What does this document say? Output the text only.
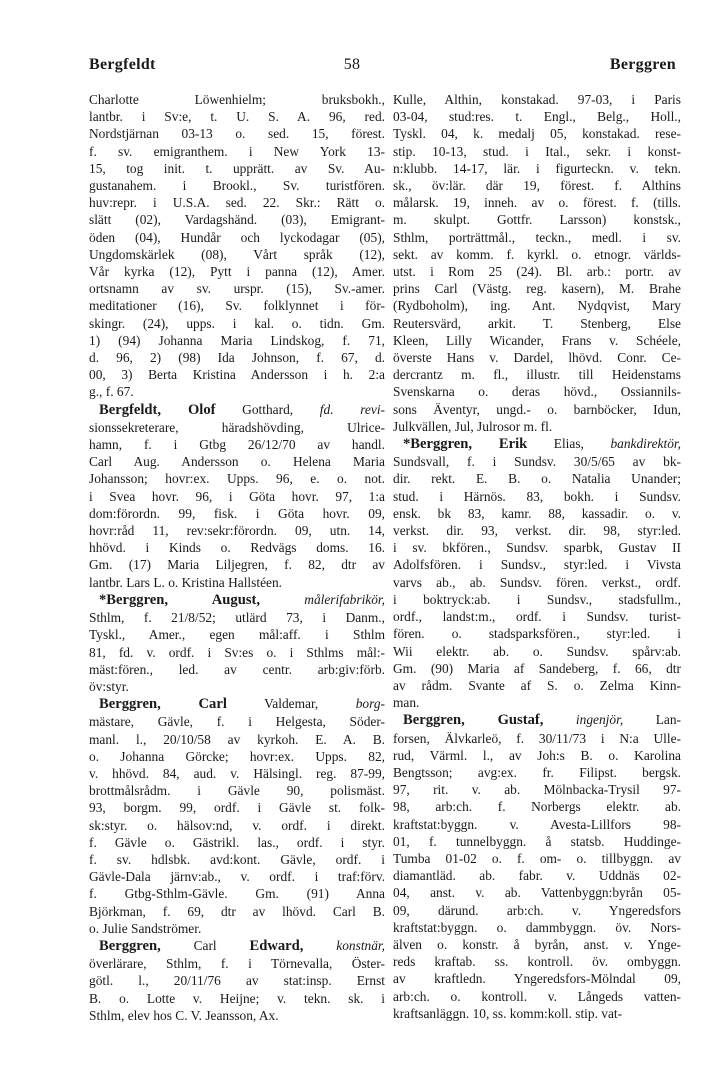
Bergfeldt	58	Berggren
Charlotte Löwenhielm; bruksbokh.,
lantbr. i Sv:e, t. U. S. A. 96, red.
Nordstjärnan 03-13 o. sed. 15, förest.
f. sv. emigranthem. i New York 13-
15, tog init. t. upprätt. av Sv. Au-
gustanahem. i Brookl., Sv. turistfören.
huv:repr. i U.S.A. sed. 22. Skr.: Rätt o.
slätt (02), Vardagshänd. (03), Emigrant-
öden (04), Hundår och lyckodagar (05),
Ungdomskärlek (08), Vårt språk (12),
Vår kyrka (12), Pytt i panna (12), Amer.
ortsnamn av sv. urspr. (15), Sv.-amer.
meditationer (16), Sv. folklynnet i för-
skingr. (24), upps. i kal. o. tidn. Gm.
1) (94) Johanna Maria Lindskog, f. 71,
d. 96, 2) (98) Ida Johnson, f. 67, d.
00, 3) Berta Kristina Andersson i h. 2:a
g., f. 67.
Bergfeldt, Olof Gotthard, fd. revi-
sionssekreterare, häradshövding, Ulrice-
hamn, f. i Gtbg 26/12/70 av handl.
Carl Aug. Andersson o. Helena Maria
Johansson; hovr:ex. Upps. 96, e. o. not.
i Svea hovr. 96, i Göta hovr. 97, 1:a
dom:förordn. 99, fisk. i Göta hovr. 09,
hovr:råd 11, rev:sekr:förordn. 09, utn. 14,
hhövd. i Kinds o. Redvägs doms. 16.
Gm. (17) Maria Liljegren, f. 82, dtr av
lantbr. Lars L. o. Kristina Hallstéen.
*Berggren, August,	målerifabrikör,
Sthlm, f. 21/8/52; utlärd 73, i Danm.,
Tyskl., Amer., egen mål:aff. i Sthlm
81, fd. v. ordf. i Sv:es o. i Sthlms mål:-
mäst:fören., led. av centr. arb:giv:förb.
öv:styr.
Berggren, Carl Valdemar, borg-
mästare, Gävle, f. i Helgesta, Söder-
manl. l., 20/10/58 av kyrkoh. E. A. B.
o. Johanna Görcke; hovr:ex. Upps. 82,
v. hhövd. 84, aud. v. Hälsingl. reg. 87-99,
brottmålsrådm. i Gävle 90, polismäst.
93, borgm. 99, ordf. i Gävle st. folk-
sk:styr. o. hälsov:nd, v. ordf. i direkt.
f. Gävle o. Gästrikl. las., ordf. i styr.
f. sv. hdlsbk. avd:kont. Gävle, ordf. i
Gävle-Dala järnv:ab., v. ordf. i traf:förv.
f. Gtbg-Sthlm-Gävle. Gm. (91) Anna
Björkman, f. 69, dtr av lhövd. Carl B.
o. Julie Sandströmer.
Berggren, Carl Edward, konstnär,
överlärare, Sthlm, f. i Törnevalla, Öster-
götl. l., 20/11/76 av stat:insp. Ernst
B. o. Lotte v. Heijne; v. tekn. sk. i
Sthlm, elev hos C. V. Jeansson, Ax.
Kulle, Althin, konstakad. 97-03, i Paris
03-04, stud:res. t. Engl., Belg., Holl.,
Tyskl. 04, k. medalj 05, konstakad. rese-
stip. 10-13, stud. i Ital., sekr. i konst-
n:klubb. 14-17, lär. i figurteckn. v. tekn.
sk., öv:lär. där 19, förest. f. Althins
målarsk. 19, inneh. av o. förest. f. (tills.
m. skulpt. Gottfr. Larsson) konstsk.,
Sthlm, porträttmål., teckn., medl. i sv.
sekt. av komm. f. kyrkl. o. etnogr. världs-
utst. i Rom 25 (24). Bl. arb.: portr. av
prins Carl (Västg. reg. kasern), M. Brahe
(Rydboholm), ing. Ant. Nydqvist, Mary
Reutersvärd, arkit. T. Stenberg, Else
Kleen, Lilly Wicander, Frans v. Schéele,
överste Hans v. Dardel, lhövd. Conr. Ce-
dercrantz m. fl., illustr. till Heidenstams
Svenskarna o. deras hövd., Ossiannils-
sons Äventyr, ungd.- o. barnböcker, Idun,
Julkvällen, Jul, Julrosor m. fl.
*Berggren, Erik Elias, bankdirektör,
Sundsvall, f. i Sundsv. 30/5/65 av bk-
dir. rekt. E. B. o. Natalia Unander;
stud. i Härnös. 83, bokh. i Sundsv.
ensk. bk 83, kamr. 88, kassadir. o. v.
verkst. dir. 93, verkst. dir. 98, styr:led.
i sv. bkfören., Sundsv. sparbk, Gustav II
Adolfsfören. i Sundsv., styr:led. i Vivsta
varvs ab., ab. Sundsv. fören. verkst., ordf.
i boktryck:ab. i Sundsv., stadsfullm.,
ordf., landst:m., ordf. i Sundsv. turist-
fören. o. stadsparksfören., styr:led. i
Wii elektr. ab. o. Sundsv. spårv:ab.
Gm. (90) Maria af Sandeberg, f. 66, dtr
av rådm. Svante af S. o. Zelma Kinn-
man.
Berggren, Gustaf, ingenjör, Lan-
forsen, Älvkarleö, f. 30/11/73 i N:a Ulle-
rud, Värml. l., av Joh:s B. o. Karolina
Bengtsson; avg:ex. fr. Filipst. bergsk.
97, rit. v. ab. Mölnbacka-Trysil 97-
98, arb:ch. f. Norbergs elektr. ab.
kraftstat:byggn. v. Avesta-Lillfors 98-
01, f. tunnelbyggn. å statsb. Huddinge-
Tumba 01-02 o. f. om- o. tillbyggn. av
diamantläd. ab. fabr. v. Uddnäs 02-
04, anst. v. ab. Vattenbyggn:byrån 05-
09, därund. arb:ch. v. Yngeredsfors
kraftstat:byggn. o. dammbyggn. öv. Nors-
älven o. konstr. å byrån, anst. v. Ynge-
reds kraftab. ss. kontroll. öv. ombyggn.
av kraftledn. Yngeredsfors-Mölndal 09,
arb:ch. o. kontroll. v. Långeds vatten-
kraftsanläggn. 10, ss. komm:koll. stip. vat-
